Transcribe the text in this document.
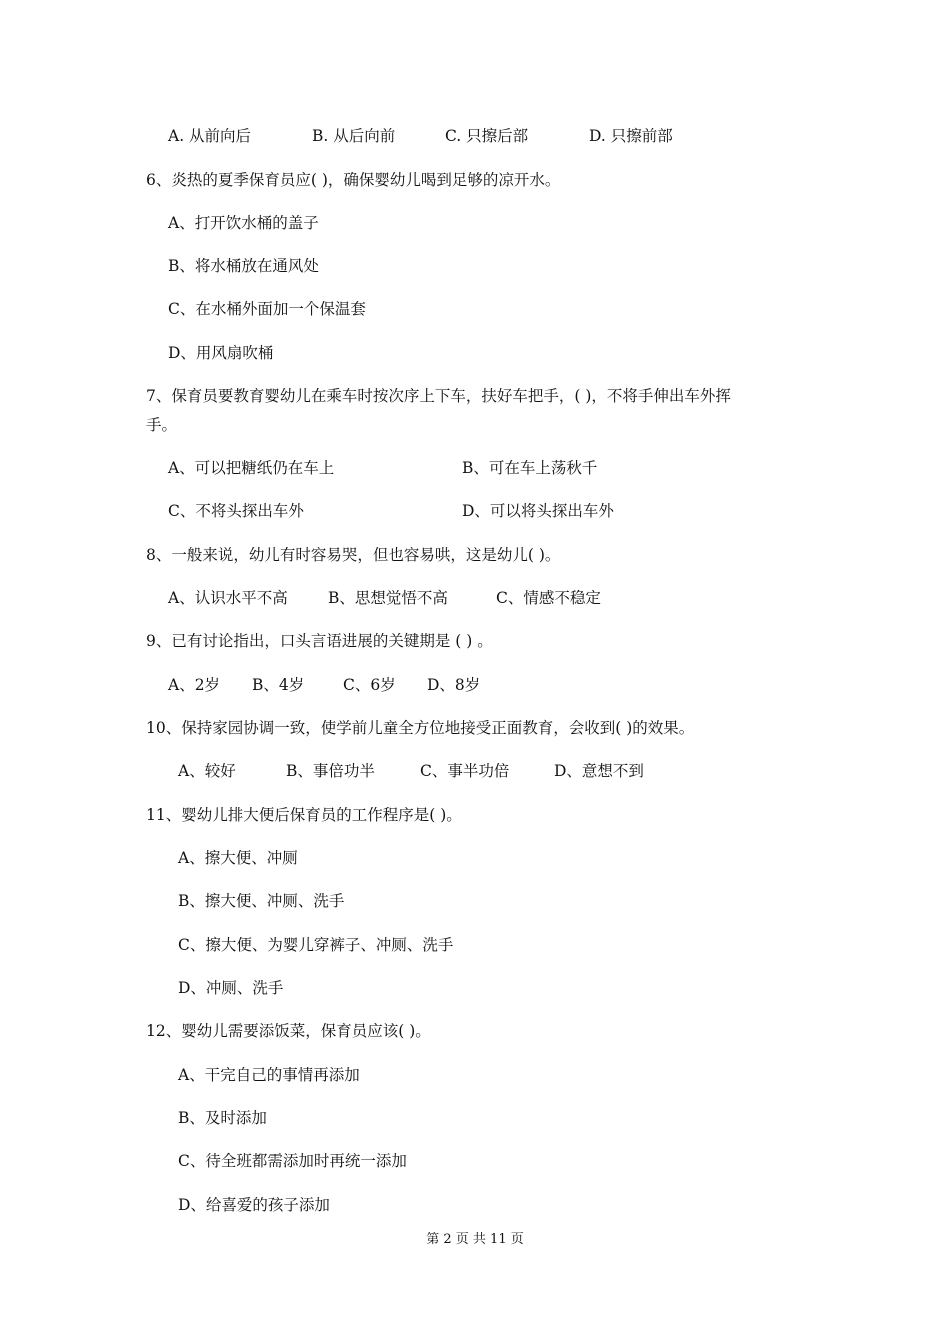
A. 从前向后	B. 从后向前	C. 只擦后部	D. 只擦前部
6、炎热的夏季保育员应( )，确保婴幼儿喝到足够的凉开水。
A、打开饮水桶的盖子
B、将水桶放在通风处
C、在水桶外面加一个保温套
D、用风扇吹桶
7、保育员要教育婴幼儿在乘车时按次序上下车，扶好车把手，( )，不将手伸出车外挥
手。
A、可以把糖纸仍在车上	B、可在车上荡秋千
C、不将头探出车外	D、可以将头探出车外
8、一般来说，幼儿有时容易哭，但也容易哄，这是幼儿( )。
A、认识水平不高	B、思想觉悟不高	C、情感不稳定
9、已有讨论指出，口头言语进展的关键期是 ( ) 。
A、2岁	B、4岁	C、6岁	D、8岁
10、保持家园协调一致，使学前儿童全方位地接受正面教育，会收到( )的效果。
A、较好	B、事倍功半	C、事半功倍	D、意想不到
11、婴幼儿排大便后保育员的工作程序是( )。
A、擦大便、冲厕
B、擦大便、冲厕、洗手
C、擦大便、为婴儿穿裤子、冲厕、洗手
D、冲厕、洗手
12、婴幼儿需要添饭菜，保育员应该( )。
A、干完自己的事情再添加
B、及时添加
C、待全班都需添加时再统一添加
D、给喜爱的孩子添加
第 2 页 共 11 页
